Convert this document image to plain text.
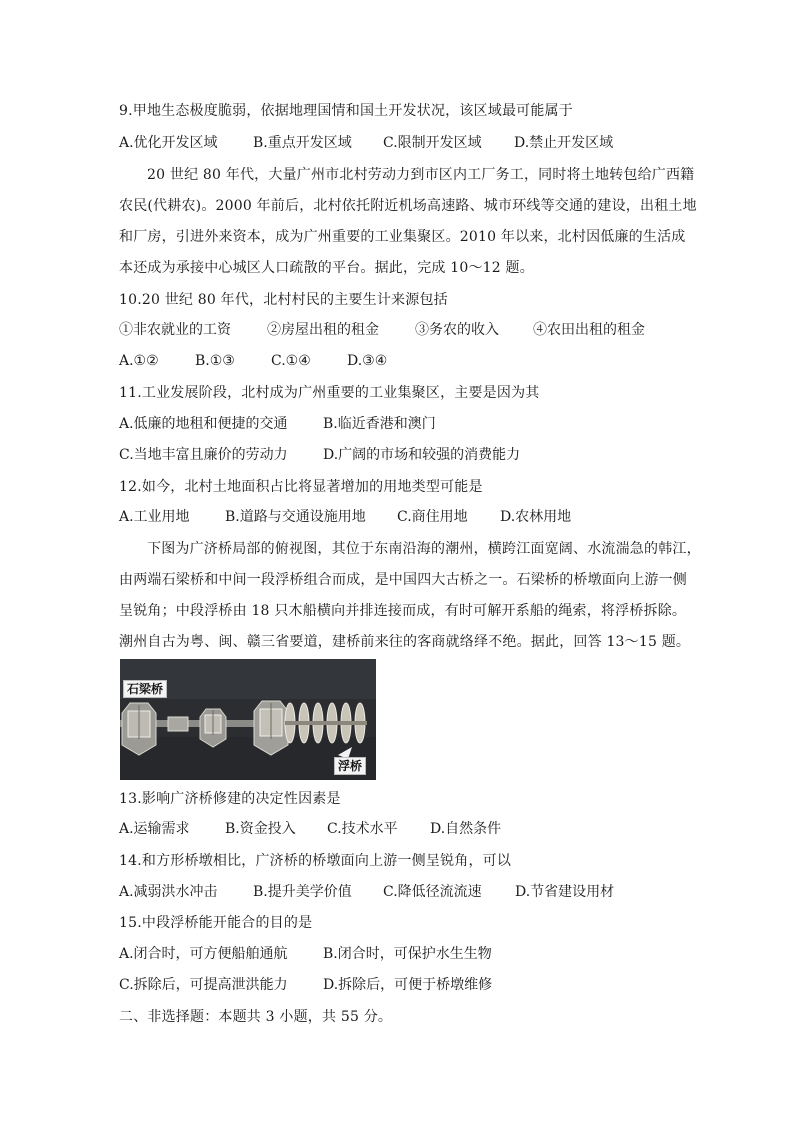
9.甲地生态极度脆弱，依据地理国情和国土开发状况，该区域最可能属于
A.优化开发区域	B.重点开发区域 C.限制开发区域 D.禁止开发区域
20 世纪 80 年代，大量广州市北村劳动力到市区内工厂务工，同时将土地转包给广西籍
农民(代耕农)。2000 年前后，北村依托附近机场高速路、城市环线等交通的建设，出租土地
和厂房，引进外来资本，成为广州重要的工业集聚区。2010 年以来，北村因低廉的生活成
本还成为承接中心城区人口疏散的平台。据此，完成 10～12 题。
10.20 世纪 80 年代，北村村民的主要生计来源包括
①非农就业的工资	②房屋出租的租金	③务农的收入 ④农田出租的租金
A.①②	B.①③	C.①④	D.③④
11.工业发展阶段，北村成为广州重要的工业集聚区，主要是因为其
A.低廉的地租和便捷的交通	B.临近香港和澳门
C.当地丰富且廉价的劳动力	D.广阔的市场和较强的消费能力
12.如今，北村土地面积占比将显著增加的用地类型可能是
A.工业用地	B.道路与交通设施用地 C.商住用地 D.农林用地
下图为广济桥局部的俯视图，其位于东南沿海的潮州，横跨江面宽阔、水流湍急的韩江，
由两端石梁桥和中间一段浮桥组合而成，是中国四大古桥之一。石梁桥的桥墩面向上游一侧
呈锐角；中段浮桥由 18 只木船横向并排连接而成，有时可解开系船的绳索，将浮桥拆除。
潮州自古为粤、闽、赣三省要道，建桥前来往的客商就络绎不绝。据此，回答 13～15 题。
石梁桥
浮桥
13.影响广济桥修建的决定性因素是
A.运输需求	B.资金投入 C.技术水平 D.自然条件
14.和方形桥墩相比，广济桥的桥墩面向上游一侧呈锐角，可以
A.减弱洪水冲击	B.提升美学价值 C.降低径流流速 D.节省建设用材
15.中段浮桥能开能合的目的是
A.闭合时，可方便船舶通航	B.闭合时，可保护水生生物
C.拆除后，可提高泄洪能力	D.拆除后，可便于桥墩维修
二、非选择题：本题共 3 小题，共 55 分。
